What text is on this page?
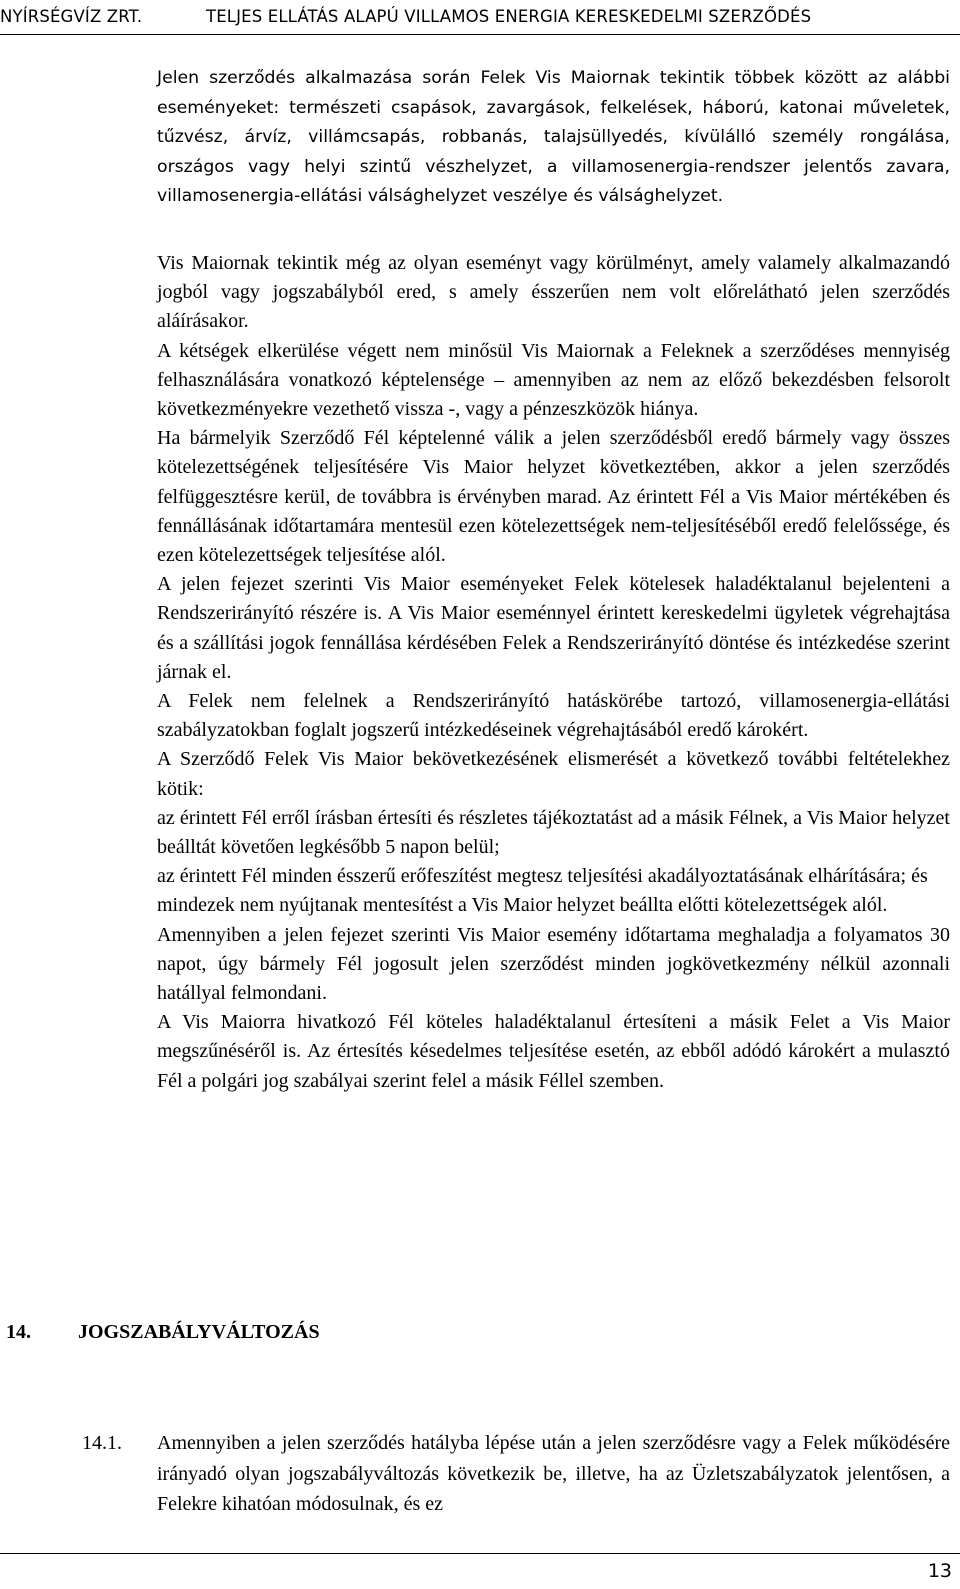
NYÍRSÉGVÍZ ZRT.	TELJES ELLÁTÁS ALAPÚ VILLAMOS ENERGIA KERESKEDELMI SZERZŐDÉS

Jelen szerződés alkalmazása során Felek Vis Maiornak tekintik többek között az alábbi eseményeket: természeti csapások, zavargások, felkelések, háború, katonai műveletek, tűzvész, árvíz, villámcsapás, robbanás, talajsüllyedés, kívülálló személy rongálása, országos vagy helyi szintű vészhelyzet, a villamosenergia-rendszer jelentős zavara, villamosenergia-ellátási válsághelyzet veszélye és válsághelyzet.

Vis Maiornak tekintik még az olyan eseményt vagy körülményt, amely valamely alkalmazandó jogból vagy jogszabályból ered, s amely ésszerűen nem volt előrelátható jelen szerződés aláírásakor.

A kétségek elkerülése végett nem minősül Vis Maiornak a Feleknek a szerződéses mennyiség felhasználására vonatkozó képtelensége – amennyiben az nem az előző bekezdésben felsorolt következményekre vezethető vissza -, vagy a pénzeszközök hiánya.

Ha bármelyik Szerződő Fél képtelenné válik a jelen szerződésből eredő bármely vagy összes kötelezettségének teljesítésére Vis Maior helyzet következtében, akkor a jelen szerződés felfüggesztésre kerül, de továbbra is érvényben marad. Az érintett Fél a Vis Maior mértékében és fennállásának időtartamára mentesül ezen kötelezettségek nem-teljesítéséből eredő felelőssége, és ezen kötelezettségek teljesítése alól.

A jelen fejezet szerinti Vis Maior eseményeket Felek kötelesek haladéktalanul bejelenteni a Rendszerirányító részére is. A Vis Maior eseménnyel érintett kereskedelmi ügyletek végrehajtása és a szállítási jogok fennállása kérdésében Felek a Rendszerirányító döntése és intézkedése szerint járnak el.

A Felek nem felelnek a Rendszerirányító hatáskörébe tartozó, villamosenergia-ellátási szabályzatokban foglalt jogszerű intézkedéseinek végrehajtásából eredő károkért.

A Szerződő Felek Vis Maior bekövetkezésének elismerését a következő további feltételekhez kötik:

az érintett Fél erről írásban értesíti és részletes tájékoztatást ad a másik Félnek, a Vis Maior helyzet beálltát követően legkésőbb 5 napon belül;

az érintett Fél minden ésszerű erőfeszítést megtesz teljesítési akadályoztatásának elhárítására; és

mindezek nem nyújtanak mentesítést a Vis Maior helyzet beállta előtti kötelezettségek alól.

Amennyiben a jelen fejezet szerinti Vis Maior esemény időtartama meghaladja a folyamatos 30 napot, úgy bármely Fél jogosult jelen szerződést minden jogkövetkezmény nélkül azonnali hatállyal felmondani.

A Vis Maiorra hivatkozó Fél köteles haladéktalanul értesíteni a másik Felet a Vis Maior megszűnéséről is. Az értesítés késedelmes teljesítése esetén, az ebből adódó károkért a mulasztó Fél a polgári jog szabályai szerint felel a másik Féllel szemben.

14. JOGSZABÁLYVÁLTOZÁS
14.1. Amennyiben a jelen szerződés hatályba lépése után a jelen szerződésre vagy a Felek működésére irányadó olyan jogszabályváltozás következik be, illetve, ha az Üzletszabályzatok jelentősen, a Felekre kihatóan módosulnak, és ez

13
